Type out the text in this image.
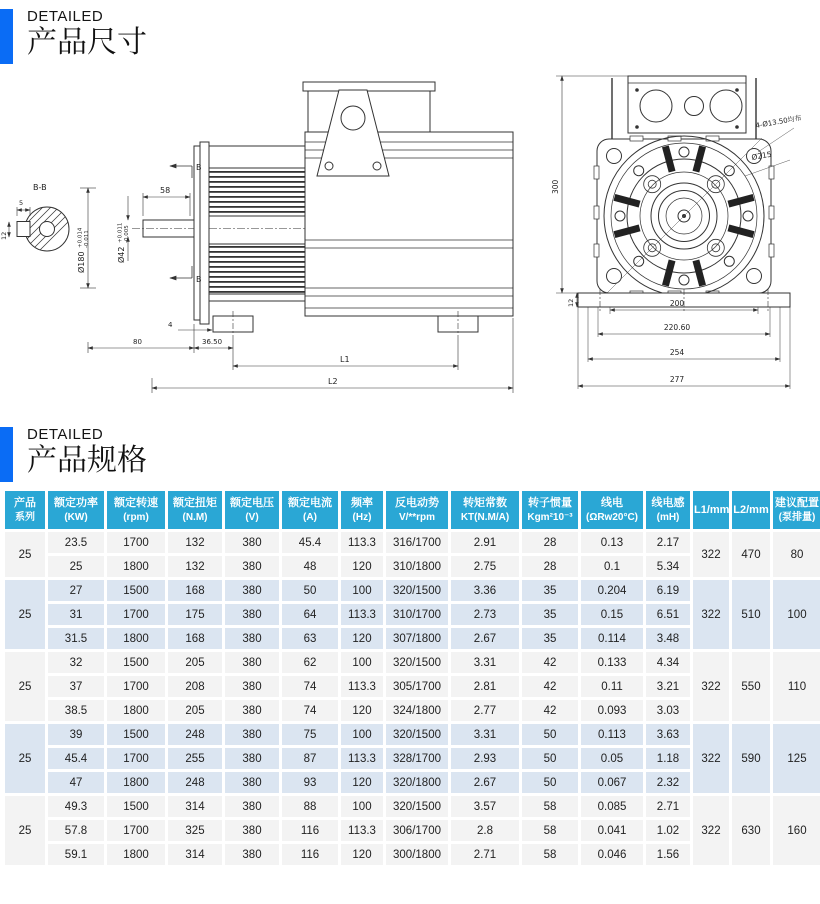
DETAILED
产品尺寸
B-B
5
12
Ø180
+0.014 -0.011
Ø42
+0.011 -0.005
58
B
B
4
80	36.50
L1
L2
300
12
4-Ø13.50均布
Ø215
200
220.60
254
277
DETAILED
产品规格
产品
系列

额定功率
(KW)

额定转速
(rpm)

额定扭矩
(N.M)

额定电压
(V)

额定电流
(A)

频率
(Hz)

反电动势
V/**rpm

转矩常数
KT(N.M/A)

转子惯量
Kgm²10⁻³

线电
(ΩRw20°C)

线电感
(mH)

L1/mm	L2/mm

建议配置
(泵排量)

25	23.5	1700	132	380	45.4	113.3	316/1700	2.91	28	0.13	2.17	322	470	80
	25	1800	132	380	48	120	310/1800	2.75	28	0.1	5.34			
25	27	1500	168	380	50	100	320/1500	3.36	35	0.204	6.19	322	510	100
	31	1700	175	380	64	113.3	310/1700	2.73	35	0.15	6.51			
	31.5	1800	168	380	63	120	307/1800	2.67	35	0.114	3.48			
25	32	1500	205	380	62	100	320/1500	3.31	42	0.133	4.34	322	550	110
	37	1700	208	380	74	113.3	305/1700	2.81	42	0.11	3.21			
	38.5	1800	205	380	74	120	324/1800	2.77	42	0.093	3.03			
25	39	1500	248	380	75	100	320/1500	3.31	50	0.113	3.63	322	590	125
	45.4	1700	255	380	87	113.3	328/1700	2.93	50	0.05	1.18			
	47	1800	248	380	93	120	320/1800	2.67	50	0.067	2.32			
25	49.3	1500	314	380	88	100	320/1500	3.57	58	0.085	2.71	322	630	160
	57.8	1700	325	380	116	113.3	306/1700	2.8	58	0.041	1.02			
	59.1	1800	314	380	116	120	300/1800	2.71	58	0.046	1.56			
